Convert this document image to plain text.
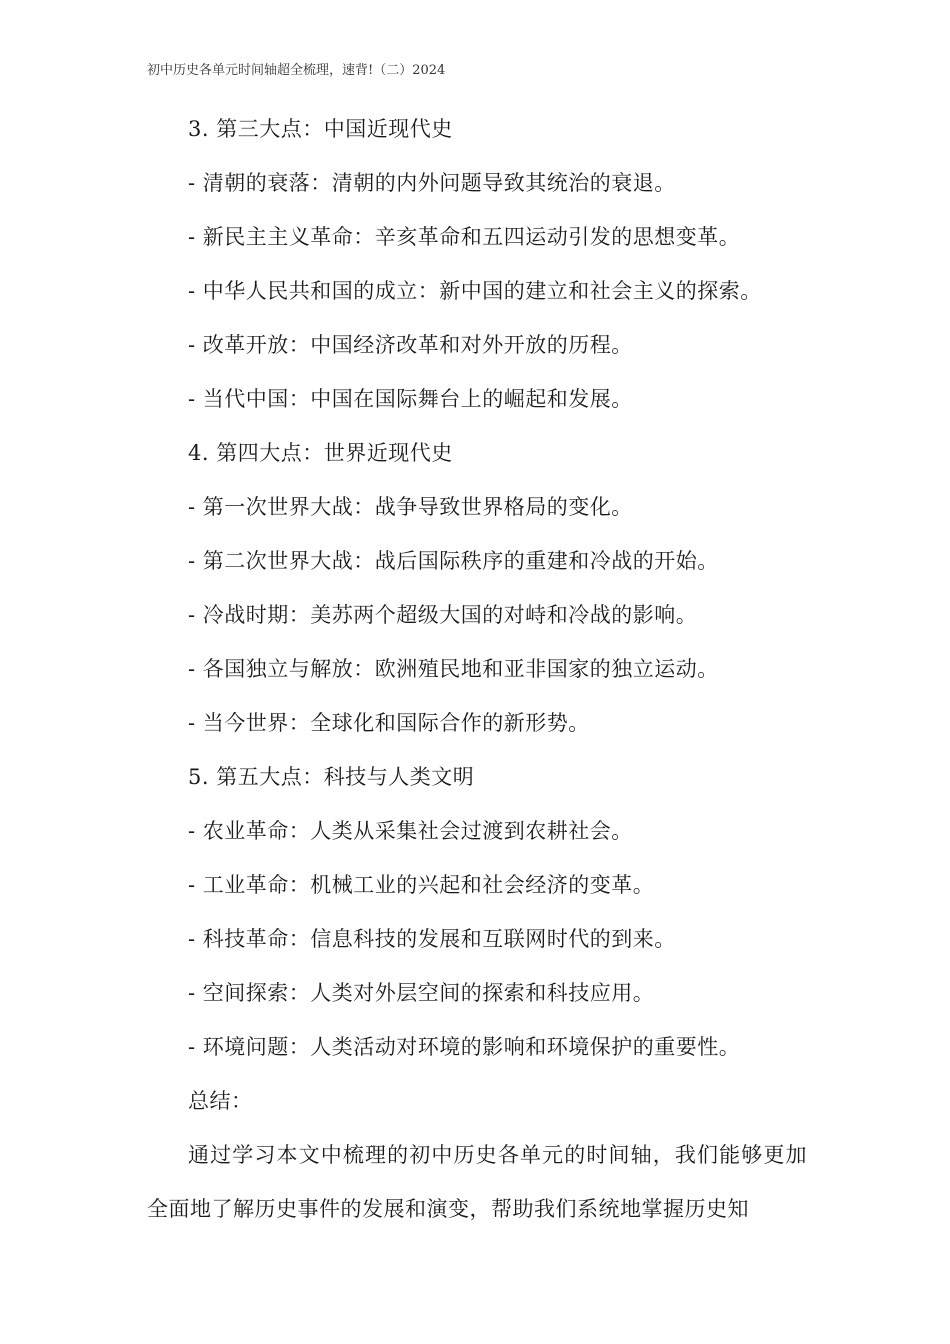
初中历史各单元时间轴超全梳理，速背!（二）2024
3. 第三大点：中国近现代史
- 清朝的衰落：清朝的内外问题导致其统治的衰退。
- 新民主主义革命：辛亥革命和五四运动引发的思想变革。
- 中华人民共和国的成立：新中国的建立和社会主义的探索。
- 改革开放：中国经济改革和对外开放的历程。
- 当代中国：中国在国际舞台上的崛起和发展。
4. 第四大点：世界近现代史
- 第一次世界大战：战争导致世界格局的变化。
- 第二次世界大战：战后国际秩序的重建和冷战的开始。
- 冷战时期：美苏两个超级大国的对峙和冷战的影响。
- 各国独立与解放：欧洲殖民地和亚非国家的独立运动。
- 当今世界：全球化和国际合作的新形势。
5. 第五大点：科技与人类文明
- 农业革命：人类从采集社会过渡到农耕社会。
- 工业革命：机械工业的兴起和社会经济的变革。
- 科技革命：信息科技的发展和互联网时代的到来。
- 空间探索：人类对外层空间的探索和科技应用。
- 环境问题：人类活动对环境的影响和环境保护的重要性。
总结：
通过学习本文中梳理的初中历史各单元的时间轴，我们能够更加全面地了解历史事件的发展和演变，帮助我们系统地掌握历史知
